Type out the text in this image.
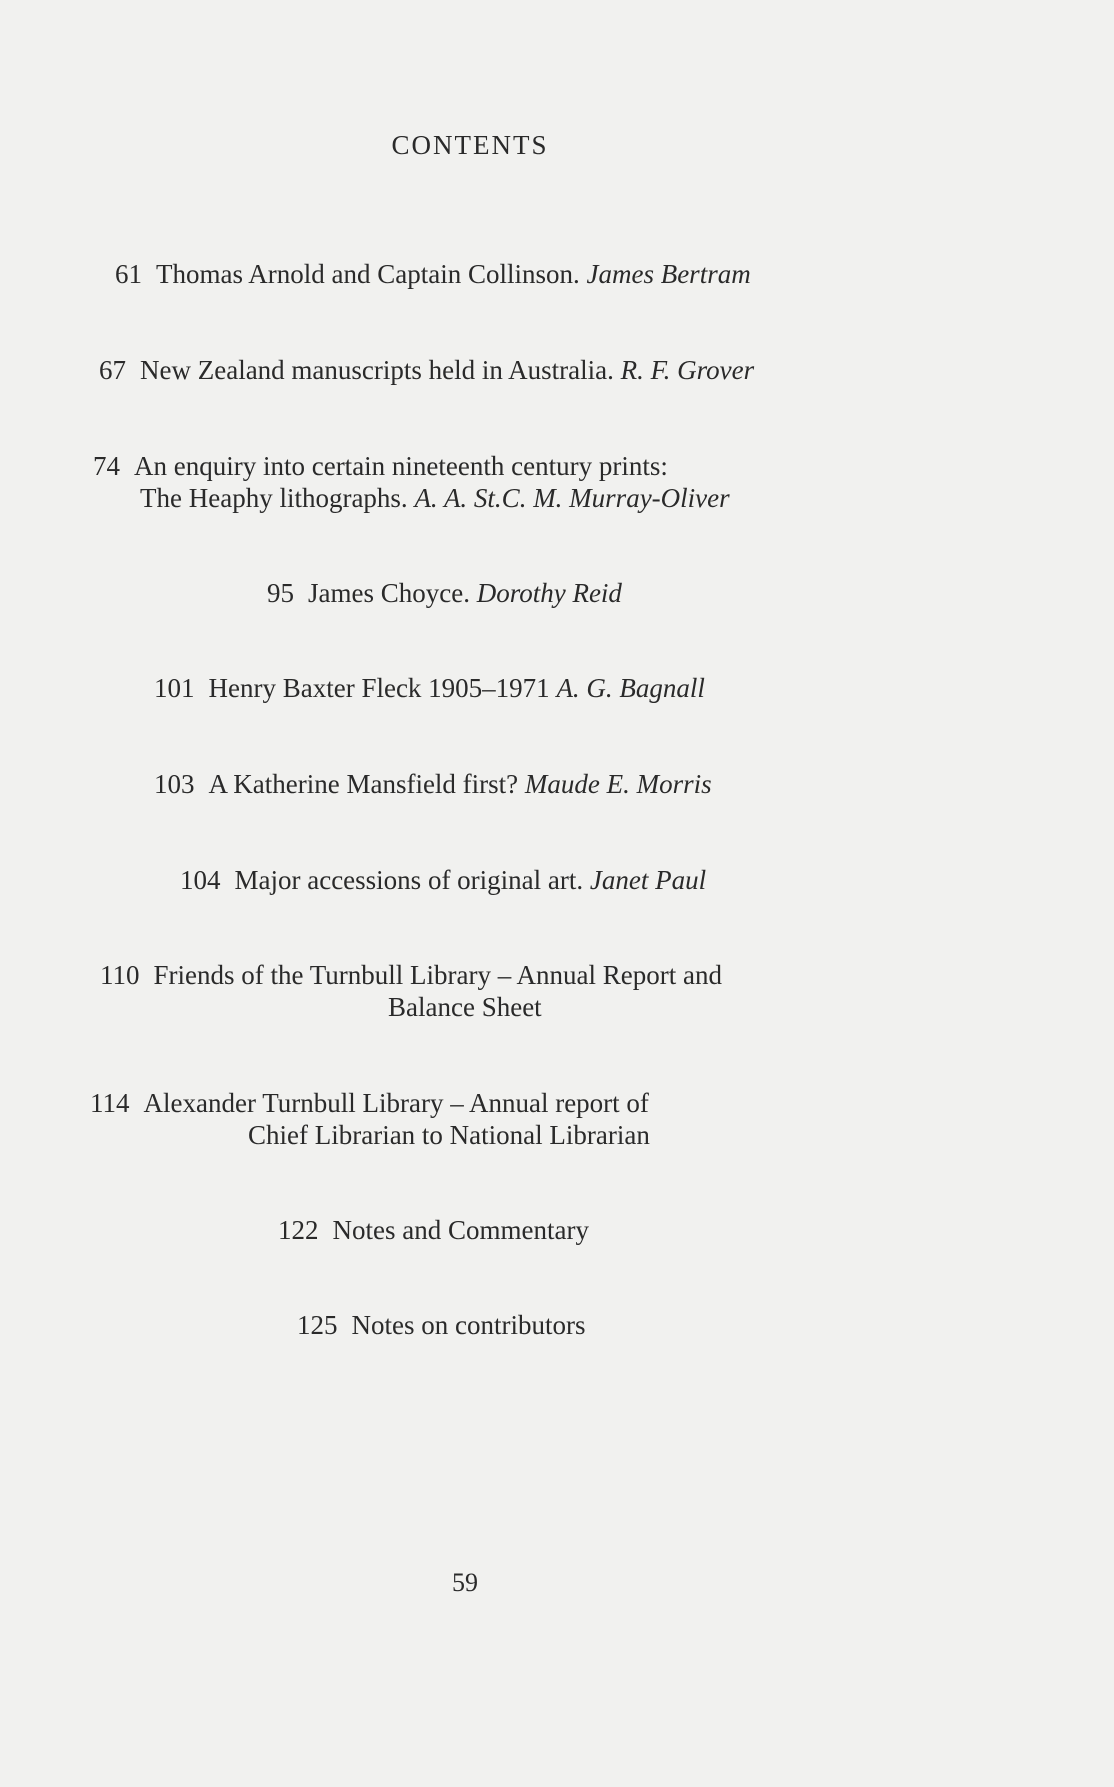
CONTENTS
61 Thomas Arnold and Captain Collinson. James Bertram
67 New Zealand manuscripts held in Australia. R. F. Grover
74 An enquiry into certain nineteenth century prints:
The Heaphy lithographs. A. A. St.C. M. Murray-Oliver
95 James Choyce. Dorothy Reid
101 Henry Baxter Fleck 1905–1971 A. G. Bagnall
103 A Katherine Mansfield first? Maude E. Morris
104 Major accessions of original art. Janet Paul
110 Friends of the Turnbull Library – Annual Report and
Balance Sheet
114 Alexander Turnbull Library – Annual report of
Chief Librarian to National Librarian
122 Notes and Commentary
125 Notes on contributors
59
